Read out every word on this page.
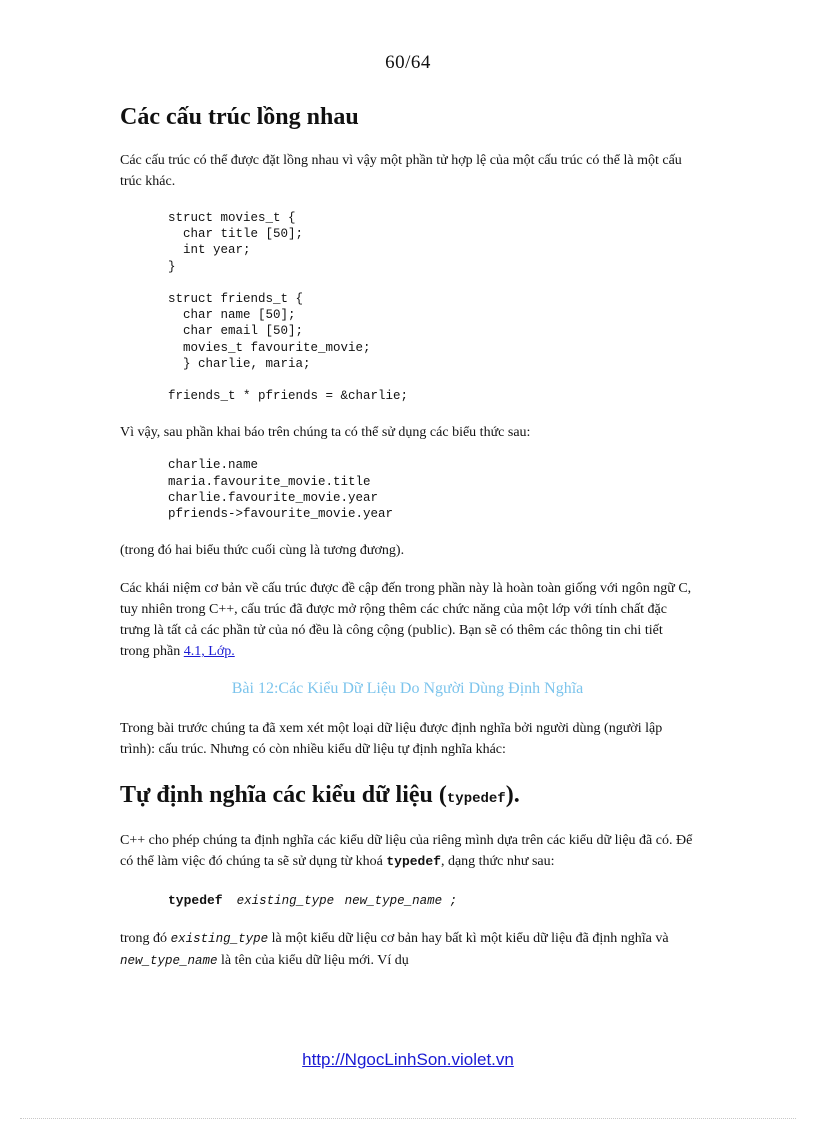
60/64
Các cấu trúc lồng nhau

Các cấu trúc có thể được đặt lồng nhau vì vậy một phần tử hợp lệ của một cấu trúc có thể là một cấu trúc khác.

struct movies_t {
char title [50];
int year;
}

struct friends_t {
char name [50];
char email [50];
movies_t favourite_movie;
} charlie, maria;

friends_t * pfriends = &charlie;

Vì vậy, sau phần khai báo trên chúng ta có thể sử dụng các biểu thức sau:

charlie.name
maria.favourite_movie.title
charlie.favourite_movie.year
pfriends->favourite_movie.year

(trong đó hai biểu thức cuối cùng là tương đương).

Các khái niệm cơ bản về cấu trúc được đề cập đến trong phần này là hoàn toàn giống với ngôn ngữ C, tuy nhiên trong C++, cấu trúc đã được mở rộng thêm các chức năng của một lớp với tính chất đặc trưng là tất cả các phần tử của nó đều là công cộng (public). Bạn sẽ có thêm các thông tin chi tiết trong phần 4.1, Lớp.

Bài 12:Các Kiểu Dữ Liệu Do Người Dùng Định Nghĩa

Trong bài trước chúng ta đã xem xét một loại dữ liệu được định nghĩa bởi người dùng (người lập trình): cấu trúc. Nhưng có còn nhiều kiểu dữ liệu tự định nghĩa khác:

Tự định nghĩa các kiểu dữ liệu (typedef).

C++ cho phép chúng ta định nghĩa các kiểu dữ liệu của riêng mình dựa trên các kiểu dữ liệu đã có. Để có thể làm việc đó chúng ta sẽ sử dụng từ khoá typedef, dạng thức như sau:

typedef existing_type new_type_name ;

trong đó existing_type là một kiểu dữ liệu cơ bản hay bất kì một kiểu dữ liệu đã định nghĩa và new_type_name là tên của kiểu dữ liệu mới. Ví dụ

http://NgocLinhSon.violet.vn
